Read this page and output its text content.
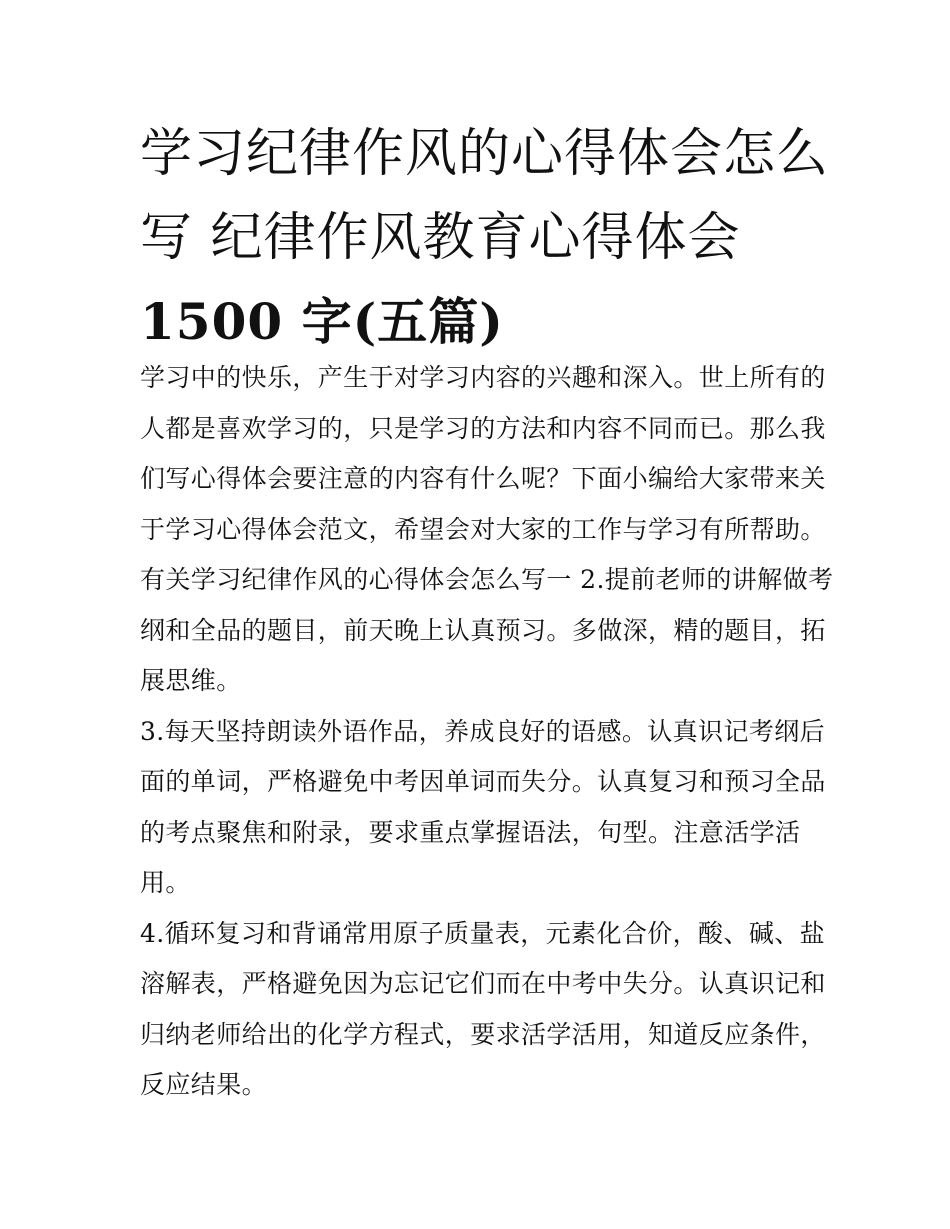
学习纪律作风的心得体会怎么
写 纪律作风教育心得体会
1500 字(五篇)
学习中的快乐，产生于对学习内容的兴趣和深入。世上所有的
人都是喜欢学习的，只是学习的方法和内容不同而已。那么我
们写心得体会要注意的内容有什么呢？下面小编给大家带来关
于学习心得体会范文，希望会对大家的工作与学习有所帮助。
有关学习纪律作风的心得体会怎么写一 2.提前老师的讲解做考
纲和全品的题目，前天晚上认真预习。多做深，精的题目，拓
展思维。
3.每天坚持朗读外语作品，养成良好的语感。认真识记考纲后
面的单词，严格避免中考因单词而失分。认真复习和预习全品
的考点聚焦和附录，要求重点掌握语法，句型。注意活学活
用。
4.循环复习和背诵常用原子质量表，元素化合价，酸、碱、盐
溶解表，严格避免因为忘记它们而在中考中失分。认真识记和
归纳老师给出的化学方程式，要求活学活用，知道反应条件，
反应结果。
